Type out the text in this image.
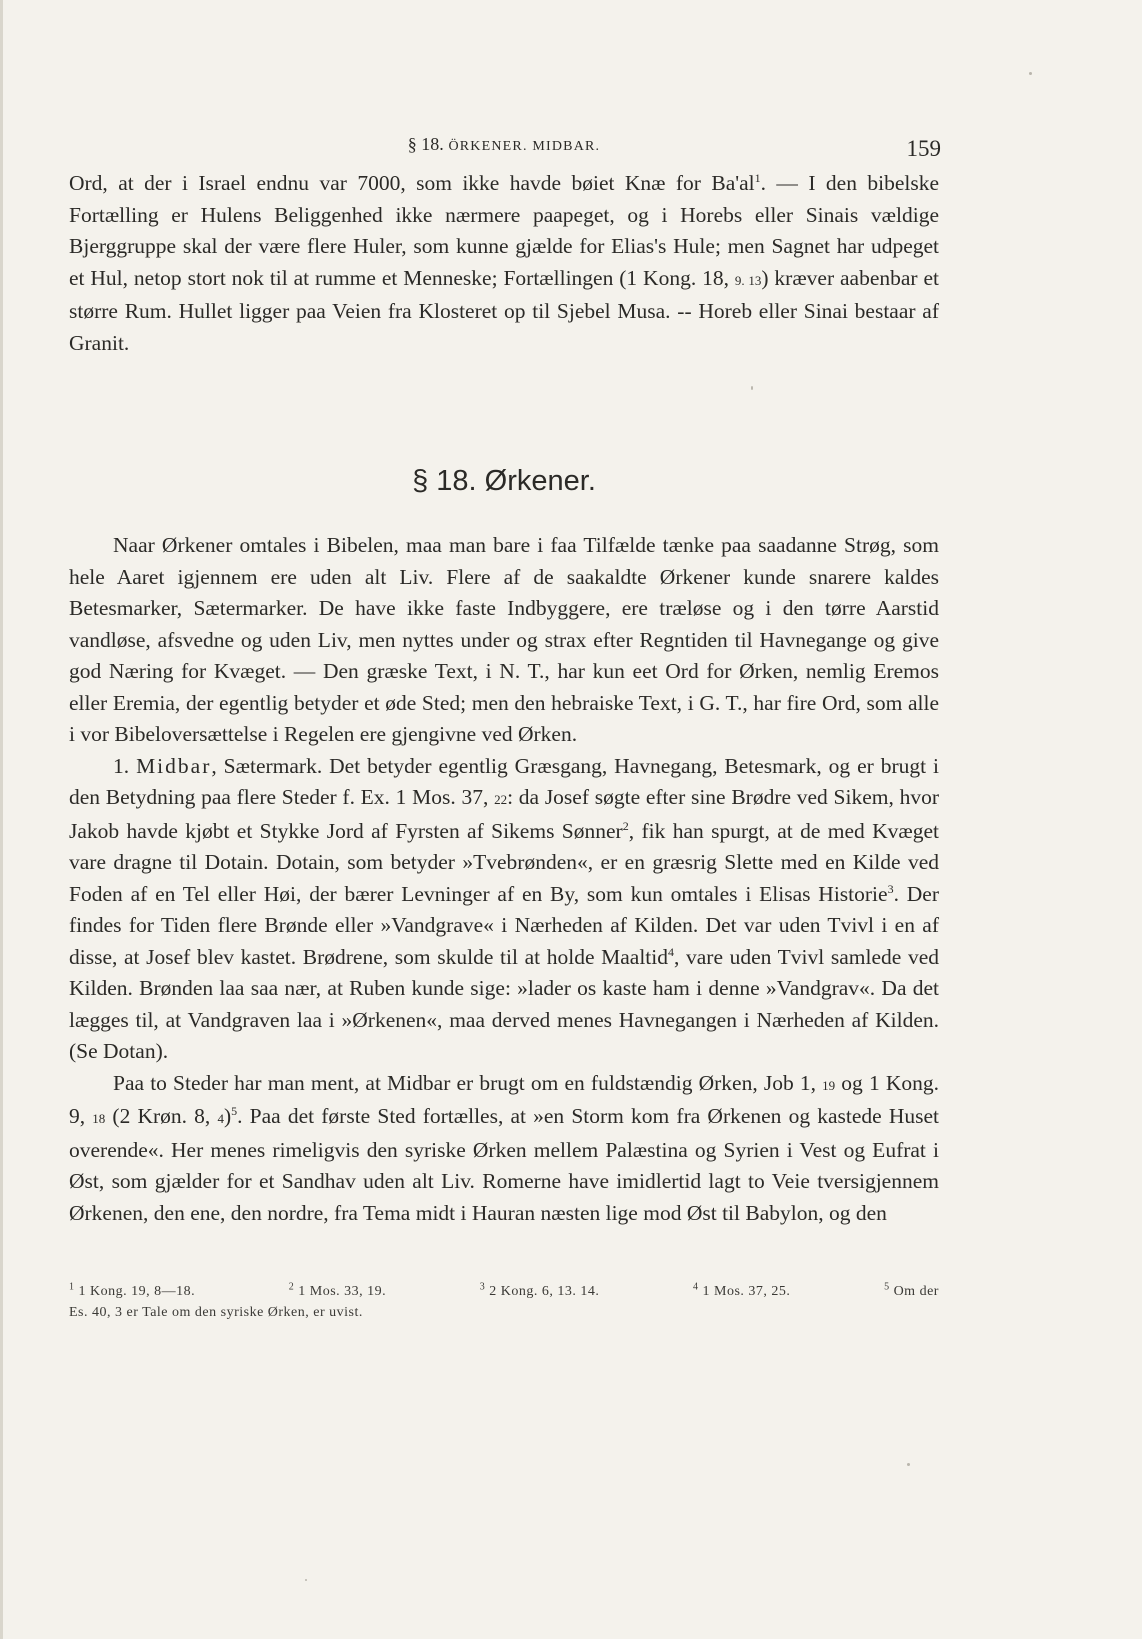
§ 18. ÖRKENER. MIDBAR.	159

Ord, at der i Israel endnu var 7000, som ikke havde bøiet Knæ for Ba'al$^1$. — I den bibelske Fortælling er Hulens Beliggenhed ikke nærmere paapeget, og i Horebs eller Sinais vældige Bjerggruppe skal der være flere Huler, som kunne gjælde for Elias's Hule; men Sagnet har udpeget et Hul, netop stort nok til at rumme et Menneske; Fortællingen (1 Kong. 18, 9. 13) kræver aabenbar et større Rum. Hullet ligger paa Veien fra Klosteret op til Sjebel Musa. -- Horeb eller Sinai bestaar af Granit.

§ 18. Ørkener.

Naar Ørkener omtales i Bibelen, maa man bare i faa Tilfælde tænke paa saadanne Strøg, som hele Aaret igjennem ere uden alt Liv. Flere af de saakaldte Ørkener kunde snarere kaldes Betesmarker, Sætermarker. De have ikke faste Indbyggere, ere træløse og i den tørre Aarstid vandløse, afsvedne og uden Liv, men nyttes under og strax efter Regntiden til Havnegange og give god Næring for Kvæget. — Den græske Text, i N. T., har kun eet Ord for Ørken, nemlig Eremos eller Eremia, der egentlig betyder et øde Sted; men den hebraiske Text, i G. T., har fire Ord, som alle i vor Bibeloversættelse i Regelen ere gjengivne ved Ørken.

1. Midbar, Sætermark. Det betyder egentlig Græsgang, Havnegang, Betesmark, og er brugt i den Betydning paa flere Steder f. Ex. 1 Mos. 37, 22: da Josef søgte efter sine Brødre ved Sikem, hvor Jakob havde kjøbt et Stykke Jord af Fyrsten af Sikems Sønner$^2$, fik han spurgt, at de med Kvæget vare dragne til Dotain. Dotain, som betyder »Tvebrønden«, er en græsrig Slette med en Kilde ved Foden af en Tel eller Høi, der bærer Levninger af en By, som kun omtales i Elisas Historie$^3$. Der findes for Tiden flere Brønde eller »Vandgrave« i Nærheden af Kilden. Det var uden Tvivl i en af disse, at Josef blev kastet. Brødrene, som skulde til at holde Maaltid$^4$, vare uden Tvivl samlede ved Kilden. Brønden laa saa nær, at Ruben kunde sige: »lader os kaste ham i denne »Vandgrav«. Da det lægges til, at Vandgraven laa i »Ørkenen«, maa derved menes Havnegangen i Nærheden af Kilden. (Se Dotan).

Paa to Steder har man ment, at Midbar er brugt om en fuldstændig Ørken, Job 1, 19 og 1 Kong. 9, 18 (2 Krøn. 8, 4)$^5$. Paa det første Sted fortælles, at »en Storm kom fra Ørkenen og kastede Huset overende«. Her menes rimeligvis den syriske Ørken mellem Palæstina og Syrien i Vest og Eufrat i Øst, som gjælder for et Sandhav uden alt Liv. Romerne have imidlertid lagt to Veie tversigjennem Ørkenen, den ene, den nordre, fra Tema midt i Hauran næsten lige mod Øst til Babylon, og den

$^1$ 1 Kong. 19, 8—18.	$^2$ 1 Mos. 33, 19.	$^3$ 2 Kong. 6, 13. 14.	$^4$ 1 Mos. 37, 25.	$^5$ Om der
Es. 40, 3 er Tale om den syriske Ørken, er uvist.
